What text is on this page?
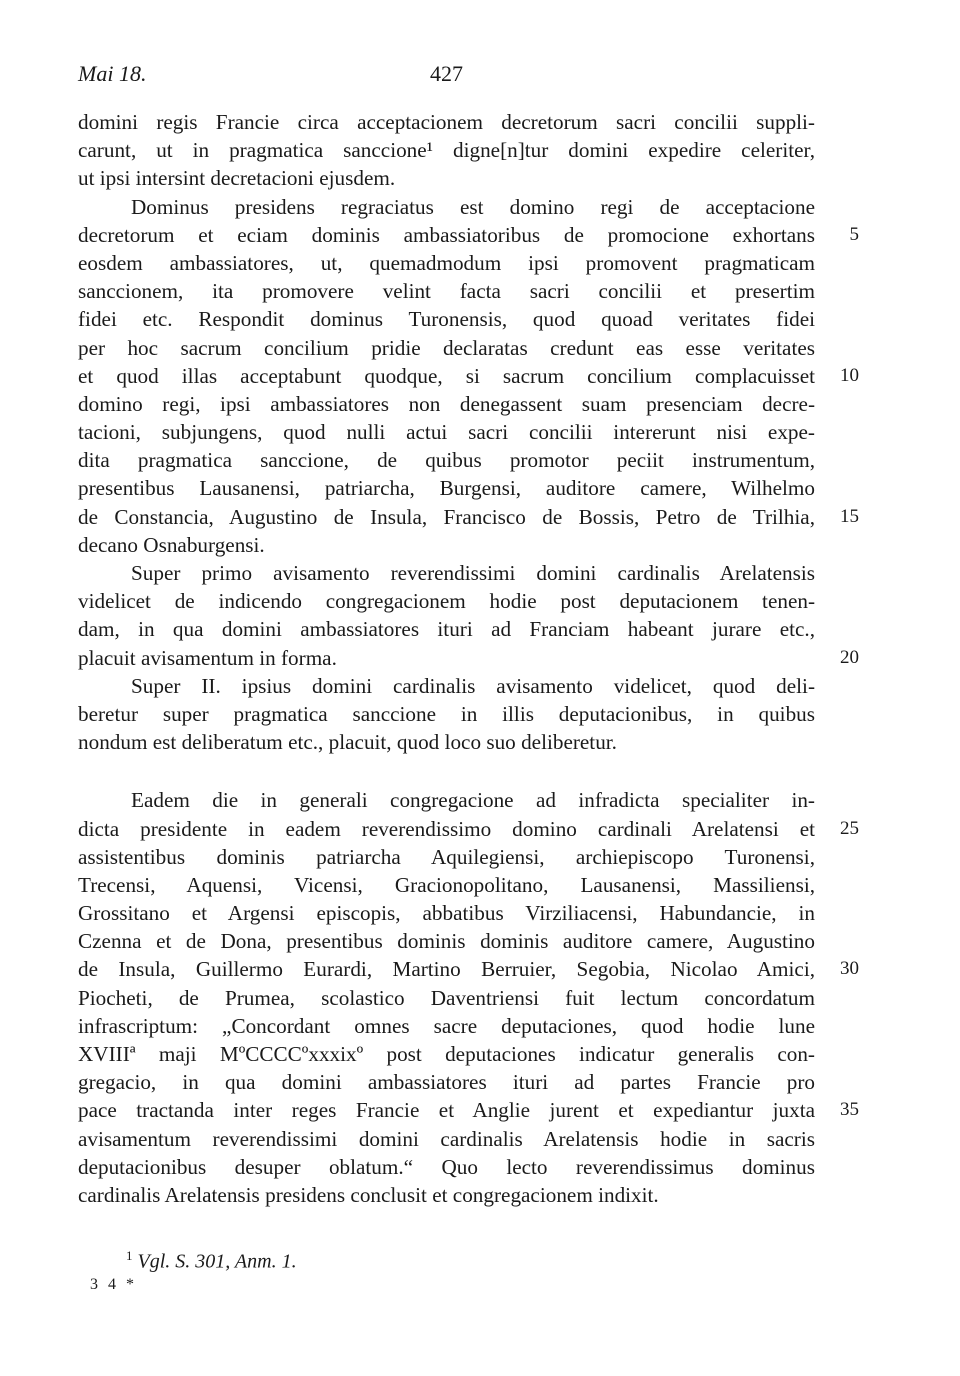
Mai 18.	427
domini regis Francie circa acceptacionem decretorum sacri concilii suppli-
carunt, ut in pragmatica sanccione¹ digne[n]tur domini expedire celeriter,
ut ipsi intersint decretacioni ejusdem.
Dominus presidens regraciatus est domino regi de acceptacione
decretorum et eciam dominis ambassiatoribus de promocione exhortans	5
eosdem ambassiatores, ut, quemadmodum ipsi promovent pragmaticam
sanccionem, ita promovere velint facta sacri concilii et presertim
fidei etc. Respondit dominus Turonensis, quod quoad veritates fidei
per hoc sacrum concilium pridie declaratas credunt eas esse veritates
et quod illas acceptabunt quodque, si sacrum concilium complacuisset	10
domino regi, ipsi ambassiatores non denegassent suam presenciam decre-
tacioni, subjungens, quod nulli actui sacri concilii intererunt nisi expe-
dita pragmatica sanccione, de quibus promotor peciit instrumentum,
presentibus Lausanensi, patriarcha, Burgensi, auditore camere, Wilhelmo
de Constancia, Augustino de Insula, Francisco de Bossis, Petro de Trilhia,	15
decano Osnaburgensi.
Super primo avisamento reverendissimi domini cardinalis Arelatensis
videlicet de indicendo congregacionem hodie post deputacionem tenen-
dam, in qua domini ambassiatores ituri ad Franciam habeant jurare etc.,
placuit avisamentum in forma.	20
Super II. ipsius domini cardinalis avisamento videlicet, quod deli-
beretur super pragmatica sanccione in illis deputacionibus, in quibus
nondum est deliberatum etc., placuit, quod loco suo deliberetur.
Eadem die in generali congregacione ad infradicta specialiter in-
dicta presidente in eadem reverendissimo domino cardinali Arelatensi et	25
assistentibus dominis patriarcha Aquilegiensi, archiepiscopo Turonensi,
Trecensi, Aquensi, Vicensi, Gracionopolitano, Lausanensi, Massiliensi,
Grossitano et Argensi episcopis, abbatibus Virziliacensi, Habundancie, in
Czenna et de Dona, presentibus dominis dominis auditore camere, Augustino
de Insula, Guillermo Eurardi, Martino Berruier, Segobia, Nicolao Amici,	30
Piocheti, de Prumea, scolastico Daventriensi fuit lectum concordatum
infrascriptum: „Concordant omnes sacre deputaciones, quod hodie lune
XVIIIª maji MºCCCCºxxxixº post deputaciones indicatur generalis con-
gregacio, in qua domini ambassiatores ituri ad partes Francie pro
pace tractanda inter reges Francie et Anglie jurent et expediantur juxta	35
avisamentum reverendissimi domini cardinalis Arelatensis hodie in sacris
deputacionibus desuper oblatum.“ Quo lecto reverendissimus dominus
cardinalis Arelatensis presidens conclusit et congregacionem indixit.
$^1$ Vgl. S. 301, Anm. 1.
3 4 *
